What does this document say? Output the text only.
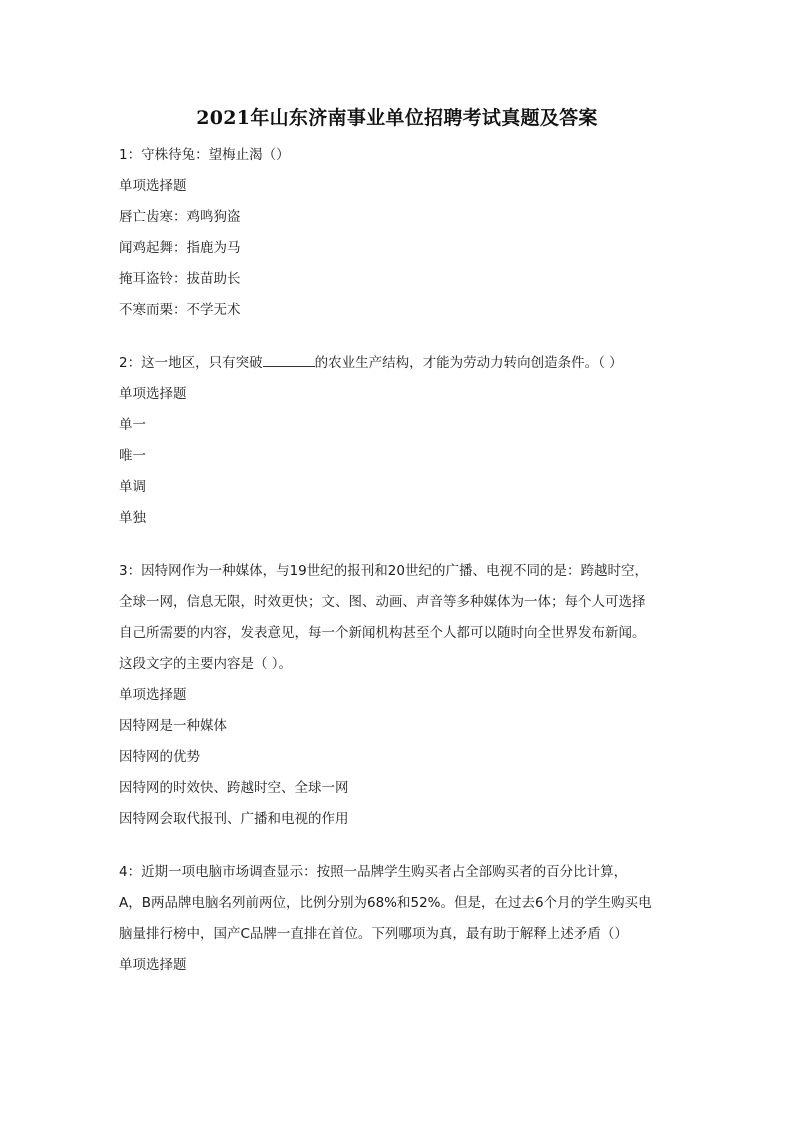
2021年山东济南事业单位招聘考试真题及答案
1：守株待兔：望梅止渴（）
单项选择题
唇亡齿寒：鸡鸣狗盗
闻鸡起舞：指鹿为马
掩耳盗铃：拔苗助长
不寒而栗：不学无术
2：这一地区，只有突破	的农业生产结构，才能为劳动力转向创造条件。（ ）
单项选择题
单一
唯一
单调
单独
3：因特网作为一种媒体，与19世纪的报刊和20世纪的广播、电视不同的是：跨越时空，
全球一网，信息无限，时效更快；文、图、动画、声音等多种媒体为一体；每个人可选择
自己所需要的内容，发表意见，每一个新闻机构甚至个人都可以随时向全世界发布新闻。
这段文字的主要内容是（ ）。
单项选择题
因特网是一种媒体
因特网的优势
因特网的时效快、跨越时空、全球一网
因特网会取代报刊、广播和电视的作用
4：近期一项电脑市场调查显示：按照一品牌学生购买者占全部购买者的百分比计算，
A，B两品牌电脑名列前两位，比例分别为68%和52%。但是，在过去6个月的学生购买电
脑量排行榜中，国产C品牌一直排在首位。下列哪项为真，最有助于解释上述矛盾（）
单项选择题
